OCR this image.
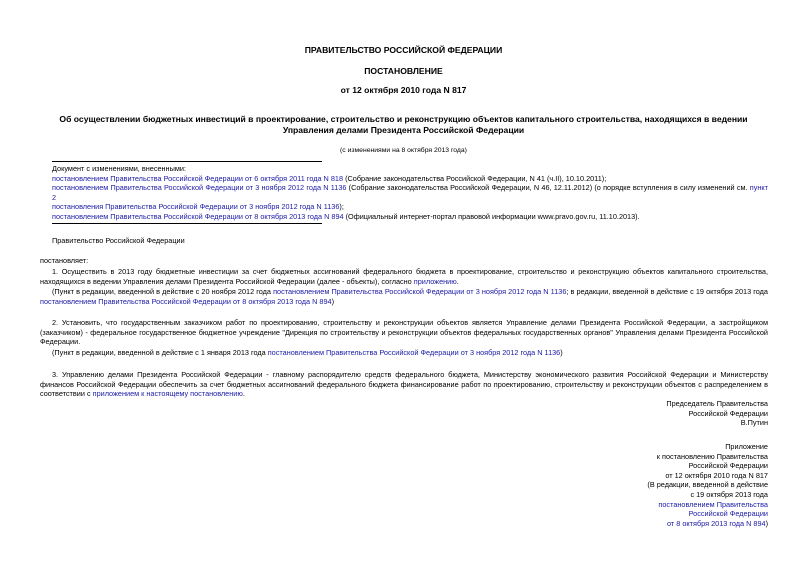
ПРАВИТЕЛЬСТВО РОССИЙСКОЙ ФЕДЕРАЦИИ
ПОСТАНОВЛЕНИЕ
от 12 октября 2010 года N 817
Об осуществлении бюджетных инвестиций в проектирование, строительство и реконструкцию объектов капитального строительства, находящихся в ведении
Управления делами Президента Российской Федерации
(с изменениями на 8 октября 2013 года)
Документ с изменениями, внесенными:
постановлением Правительства Российской Федерации от 6 октября 2011 года N 818 (Собрание законодательства Российской Федерации, N 41 (ч.II), 10.10.2011);
постановлением Правительства Российской Федерации от 3 ноября 2012 года N 1136 (Собрание законодательства Российской Федерации, N 46, 12.11.2012) (о порядке вступления в силу изменений см. пункт 2
постановления Правительства Российской Федерации от 3 ноября 2012 года N 1136);
постановлением Правительства Российской Федерации от 8 октября 2013 года N 894 (Официальный интернет-портал правовой информации www.pravo.gov.ru, 11.10.2013).
Правительство Российской Федерации
постановляет:
1. Осуществить в 2013 году бюджетные инвестиции за счет бюджетных ассигнований федерального бюджета в проектирование, строительство и реконструкцию объектов капитального строительства, находящихся в ведении Управления делами Президента Российской Федерации (далее - объекты), согласно приложению.
(Пункт в редакции, введенной в действие с 20 ноября 2012 года постановлением Правительства Российской Федерации от 3 ноября 2012 года N 1136; в редакции, введенной в действие с 19 октября 2013 года постановлением Правительства Российской Федерации от 8 октября 2013 года N 894)
2. Установить, что государственным заказчиком работ по проектированию, строительству и реконструкции объектов является Управление делами Президента Российской Федерации, а застройщиком (заказчиком) - федеральное государственное бюджетное учреждение "Дирекция по строительству и реконструкции объектов федеральных государственных органов" Управления делами Президента Российской Федерации.
(Пункт в редакции, введенной в действие с 1 января 2013 года постановлением Правительства Российской Федерации от 3 ноября 2012 года N 1136)
3. Управлению делами Президента Российской Федерации - главному распорядителю средств федерального бюджета, Министерству экономического развития Российской Федерации и Министерству финансов Российской Федерации обеспечить за счет бюджетных ассигнований федерального бюджета финансирование работ по проектированию, строительству и реконструкции объектов с распределением в соответствии с приложением к настоящему постановлению.
Председатель Правительства
Российской Федерации
В.Путин
Приложение
к постановлению Правительства
Российской Федерации
от 12 октября 2010 года N 817
(В редакции, введенной в действие
с 19 октября 2013 года
постановлением Правительства
Российской Федерации
от 8 октября 2013 года N 894)
